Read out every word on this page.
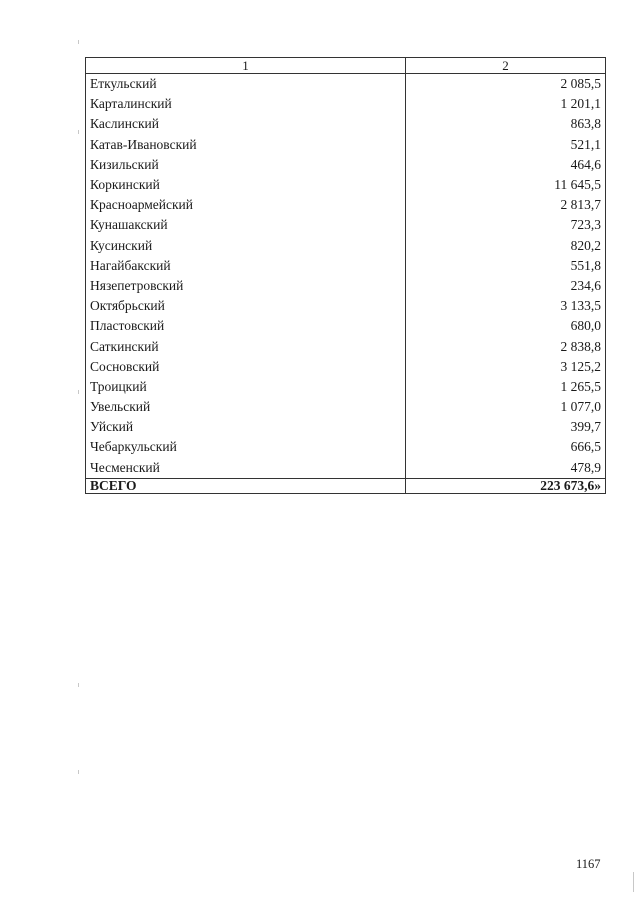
1	2
Еткульский	2 085,5
Карталинский	1 201,1
Каслинский	863,8
Катав-Ивановский	521,1
Кизильский	464,6
Коркинский	11 645,5
Красноармейский	2 813,7
Кунашакский	723,3
Кусинский	820,2
Нагайбакский	551,8
Нязепетровский	234,6
Октябрьский	3 133,5
Пластовский	680,0
Саткинский	2 838,8
Сосновский	3 125,2
Троицкий	1 265,5
Увельский	1 077,0
Уйский	399,7
Чебаркульский	666,5
Чесменский	478,9
ВСЕГО	223 673,6»
1167
